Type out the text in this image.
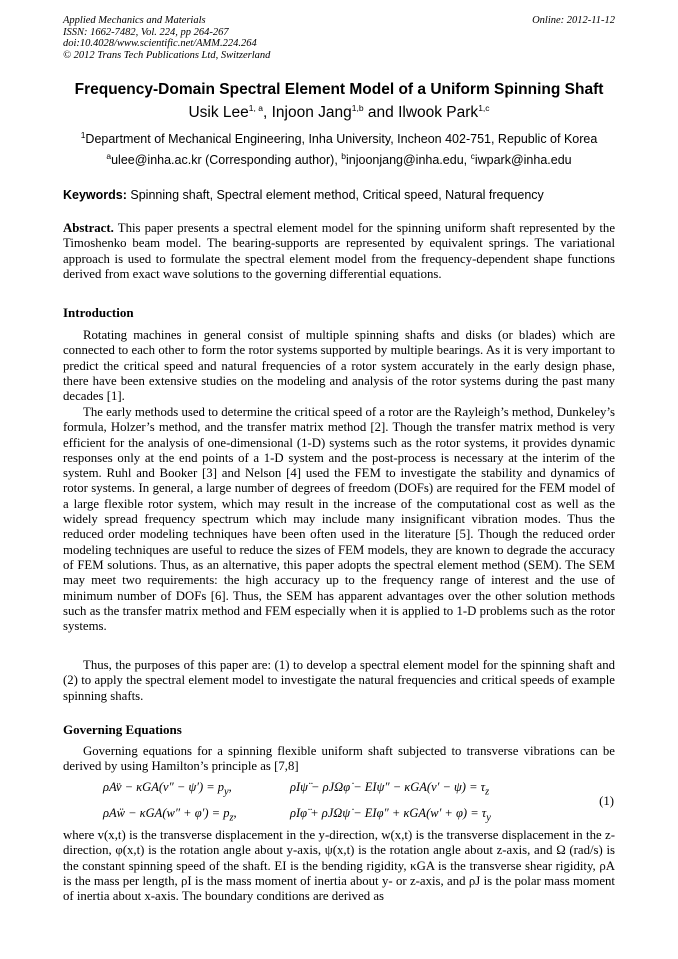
Applied Mechanics and Materials
ISSN: 1662-7482, Vol. 224, pp 264-267
doi:10.4028/www.scientific.net/AMM.224.264
© 2012 Trans Tech Publications Ltd, Switzerland
Online: 2012-11-12
Frequency-Domain Spectral Element Model of a Uniform Spinning Shaft
Usik Lee$^{1, a}$, Injoon Jang$^{1,b}$ and Ilwook Park$^{1,c}$
$^1$Department of Mechanical Engineering, Inha University, Incheon 402-751, Republic of Korea
$^a$ulee@inha.ac.kr (Corresponding author), $^b$injoonjang@inha.edu, $^c$iwpark@inha.edu
Keywords: Spinning shaft, Spectral element method, Critical speed, Natural frequency
Abstract. This paper presents a spectral element model for the spinning uniform shaft represented by the Timoshenko beam model. The bearing-supports are represented by equivalent springs. The variational approach is used to formulate the spectral element model from the frequency-dependent shape functions derived from exact wave solutions to the governing differential equations.
Introduction
Rotating machines in general consist of multiple spinning shafts and disks (or blades) which are connected to each other to form the rotor systems supported by multiple bearings. As it is very important to predict the critical speed and natural frequencies of a rotor system accurately in the early design phase, there have been extensive studies on the modeling and analysis of the rotor systems during the past many decades [1].
The early methods used to determine the critical speed of a rotor are the Rayleigh’s method, Dunkeley’s formula, Holzer’s method, and the transfer matrix method [2]. Though the transfer matrix method is very efficient for the analysis of one-dimensional (1-D) systems such as the rotor systems, it provides dynamic responses only at the end points of a 1-D system and the post-process is necessary at the interim of the system. Ruhl and Booker [3] and Nelson [4] used the FEM to investigate the stability and dynamics of rotor systems. In general, a large number of degrees of freedom (DOFs) are required for the FEM model of a large flexible rotor system, which may result in the increase of the computational cost as well as the widely spread frequency spectrum which may include many insignificant vibration modes. Thus the reduced order modeling techniques have been often used in the literature [5]. Though the reduced order modeling techniques are useful to reduce the sizes of FEM models, they are known to degrade the accuracy of FEM solutions. Thus, as an alternative, this paper adopts the spectral element method (SEM). The SEM may meet two requirements: the high accuracy up to the frequency range of interest and the use of minimum number of DOFs [6]. Thus, the SEM has apparent advantages over the other solution methods such as the transfer matrix method and FEM especially when it is applied to 1-D problems such as the rotor systems.
Thus, the purposes of this paper are: (1) to develop a spectral element model for the spinning shaft and (2) to apply the spectral element model to investigate the natural frequencies and critical speeds of example spinning shafts.
Governing Equations
Governing equations for a spinning flexible uniform shaft subjected to transverse vibrations can be derived by using Hamilton’s principle as [7,8]
ρAv̈ − $\kappa GA(v'' - \psi') = p_y$,	ρIψ̈ − ρJΩφ̇ − $EI\psi'' - \kappa GA(v' - \psi) = \tau_z$
ρAẅ − $\kappa GA(w'' + \varphi') = p_z$,	ρIφ̈ + ρJΩψ̇ − $EI\varphi'' + \kappa GA(w' + \varphi) = \tau_y$
(1)
where v(x,t) is the transverse displacement in the y-direction, w(x,t) is the transverse displacement in the z-direction, φ(x,t) is the rotation angle about y-axis, ψ(x,t) is the rotation angle about z-axis, and Ω (rad/s) is the constant spinning speed of the shaft. EI is the bending rigidity, κGA is the transverse shear rigidity, ρA is the mass per length, ρI is the mass moment of inertia about y- or z-axis, and ρJ is the polar mass moment of inertia about x-axis. The boundary conditions are derived as
